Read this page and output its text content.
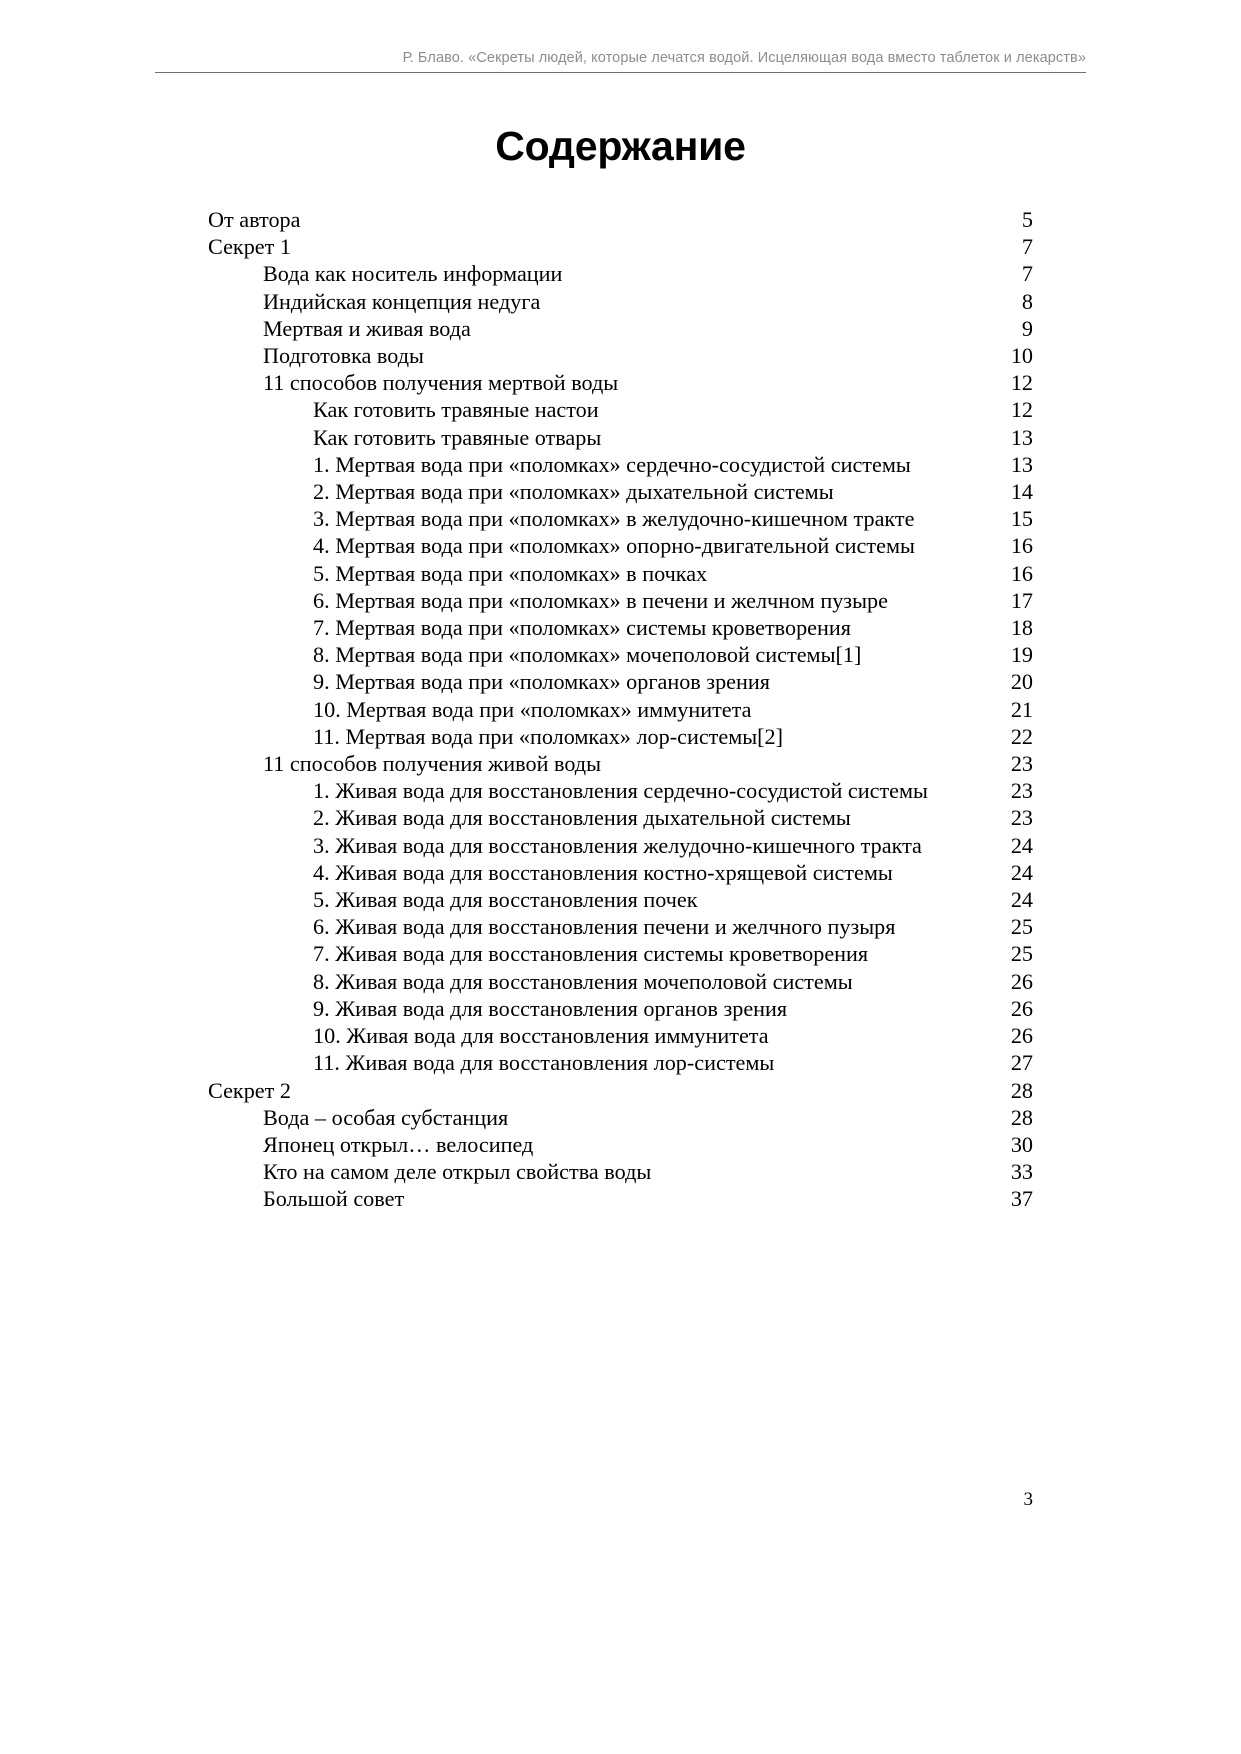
Р. Блаво. «Секреты людей, которые лечатся водой. Исцеляющая вода вместо таблеток и лекарств»
Содержание
От автора	5
Секрет 1	7
Вода как носитель информации	7
Индийская концепция недуга	8
Мертвая и живая вода	9
Подготовка воды	10
11 способов получения мертвой воды	12
Как готовить травяные настои	12
Как готовить травяные отвары	13
1. Мертвая вода при «поломках» сердечно-сосудистой системы	13
2. Мертвая вода при «поломках» дыхательной системы	14
3. Мертвая вода при «поломках» в желудочно-кишечном тракте	15
4. Мертвая вода при «поломках» опорно-двигательной системы	16
5. Мертвая вода при «поломках» в почках	16
6. Мертвая вода при «поломках» в печени и желчном пузыре	17
7. Мертвая вода при «поломках» системы кроветворения	18
8. Мертвая вода при «поломках» мочеполовой системы[1]	19
9. Мертвая вода при «поломках» органов зрения	20
10. Мертвая вода при «поломках» иммунитета	21
11. Мертвая вода при «поломках» лор-системы[2]	22
11 способов получения живой воды	23
1. Живая вода для восстановления сердечно-сосудистой системы	23
2. Живая вода для восстановления дыхательной системы	23
3. Живая вода для восстановления желудочно-кишечного тракта	24
4. Живая вода для восстановления костно-хрящевой системы	24
5. Живая вода для восстановления почек	24
6. Живая вода для восстановления печени и желчного пузыря	25
7. Живая вода для восстановления системы кроветворения	25
8. Живая вода для восстановления мочеполовой системы	26
9. Живая вода для восстановления органов зрения	26
10. Живая вода для восстановления иммунитета	26
11. Живая вода для восстановления лор-системы	27
Секрет 2	28
Вода – особая субстанция	28
Японец открыл… велосипед	30
Кто на самом деле открыл свойства воды	33
Большой совет	37
3
